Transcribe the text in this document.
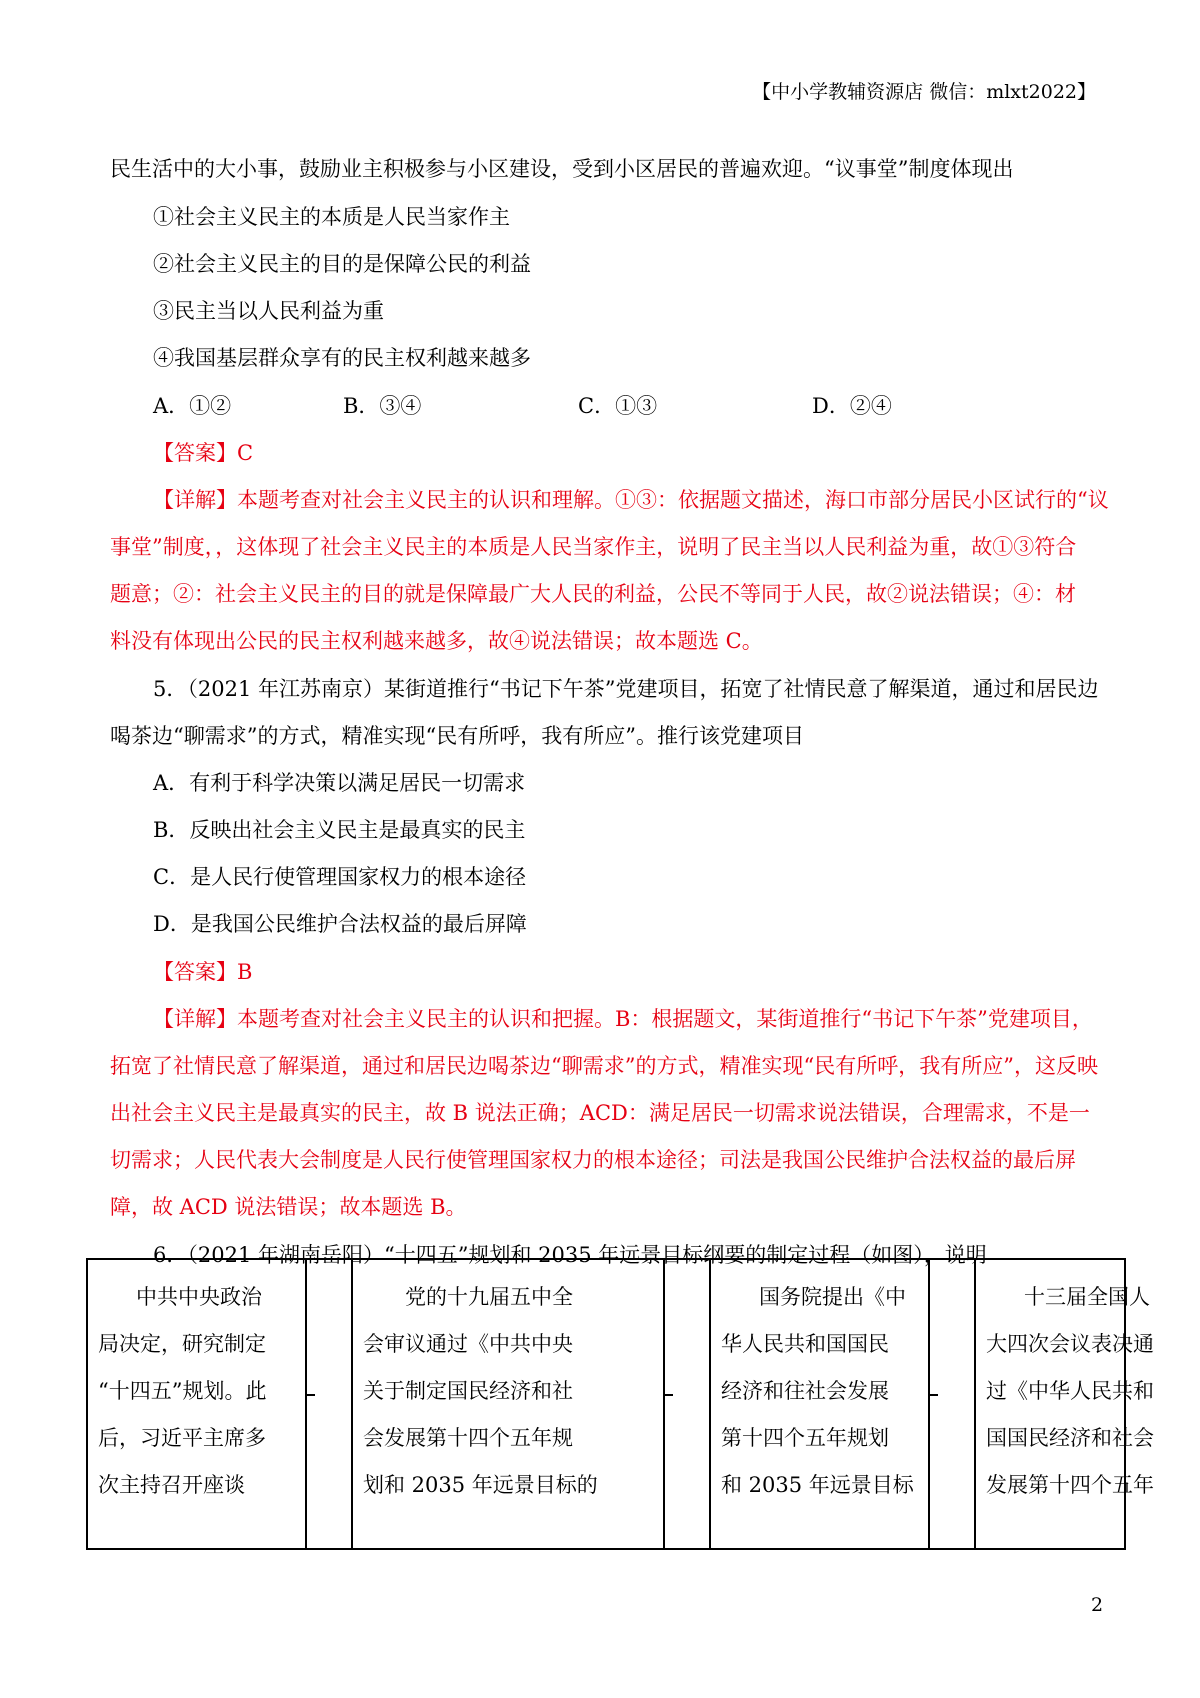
【中小学教辅资源店 微信：mlxt2022】
民生活中的大小事，鼓励业主积极参与小区建设，受到小区居民的普遍欢迎。“议事堂”制度体现出
①社会主义民主的本质是人民当家作主
②社会主义民主的目的是保障公民的利益
③民主当以人民利益为重
④我国基层群众享有的民主权利越来越多
A．①②	B．③④	C．①③	D．②④
【答案】C
【详解】本题考查对社会主义民主的认识和理解。①③：依据题文描述，海口市部分居民小区试行的“议
事堂”制度，，这体现了社会主义民主的本质是人民当家作主，说明了民主当以人民利益为重，故①③符合
题意；②：社会主义民主的目的就是保障最广大人民的利益，公民不等同于人民，故②说法错误；④：材
料没有体现出公民的民主权利越来越多，故④说法错误；故本题选 C。
5．（2021 年江苏南京）某街道推行“书记下午茶”党建项目，拓宽了社情民意了解渠道，通过和居民边
喝茶边“聊需求”的方式，精准实现“民有所呼，我有所应”。推行该党建项目
A．有利于科学决策以满足居民一切需求
B．反映出社会主义民主是最真实的民主
C．是人民行使管理国家权力的根本途径
D．是我国公民维护合法权益的最后屏障
【答案】B
【详解】本题考查对社会主义民主的认识和把握。B：根据题文，某街道推行“书记下午茶”党建项目，
拓宽了社情民意了解渠道，通过和居民边喝茶边“聊需求”的方式，精准实现“民有所呼，我有所应”，这反映
出社会主义民主是最真实的民主，故 B 说法正确；ACD：满足居民一切需求说法错误，合理需求，不是一
切需求；人民代表大会制度是人民行使管理国家权力的根本途径；司法是我国公民维护合法权益的最后屏
障，故 ACD 说法错误；故本题选 B。
6．（2021 年湖南岳阳）“十四五”规划和 2035 年远景目标纲要的制定过程（如图），说明
中共中央政治
局决定，研究制定
“十四五”规划。此
后，习近平主席多
次主持召开座谈

党的十九届五中全
会审议通过《中共中央
关于制定国民经济和社
会发展第十四个五年规
划和 2035 年远景目标的

国务院提出《中
华人民共和国国民
经济和往社会发展
第十四个五年规划
和 2035 年远景目标

十三届全国人
大四次会议表决通
过《中华人民共和
国国民经济和社会
发展第十四个五年
2
